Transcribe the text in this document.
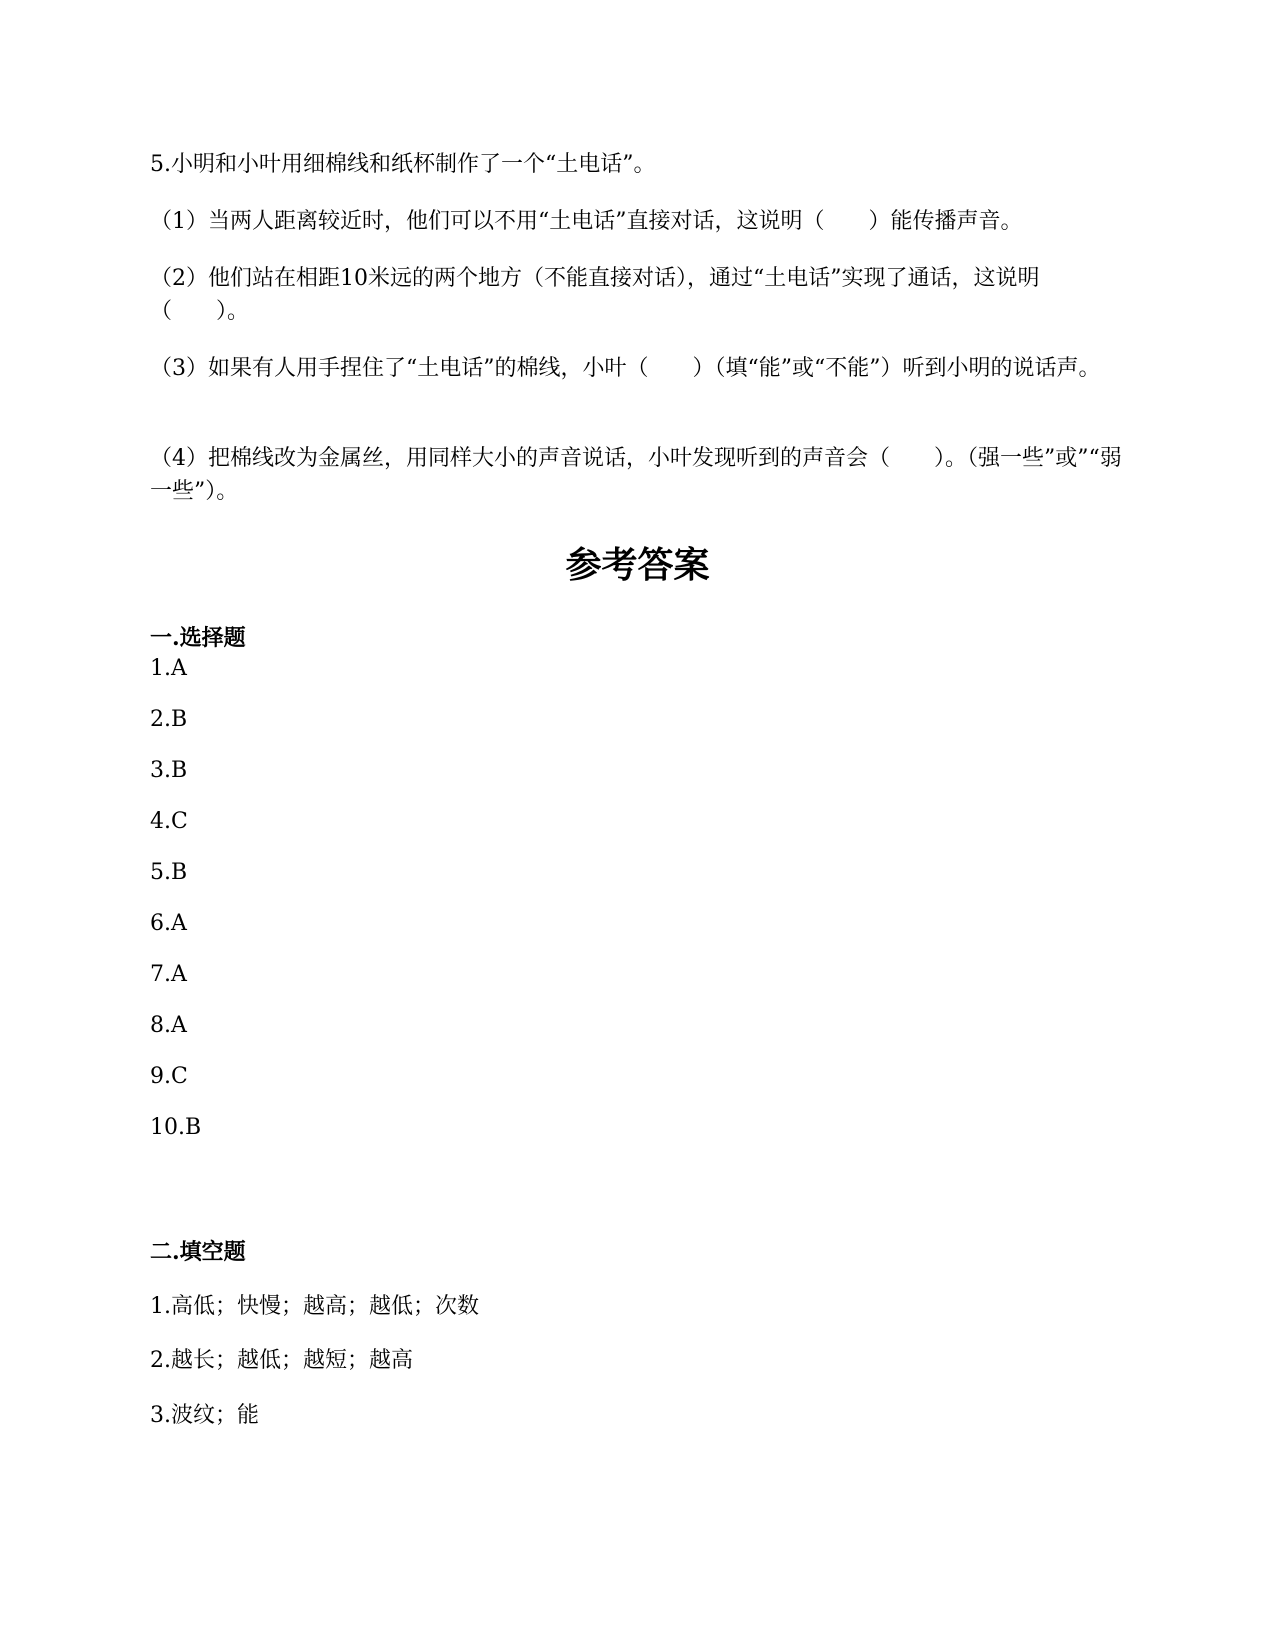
5.小明和小叶用细棉线和纸杯制作了一个“土电话”。
（1）当两人距离较近时，他们可以不用“土电话”直接对话，这说明（　　）能传播声音。
（2）他们站在相距10米远的两个地方（不能直接对话），通过“土电话”实现了通话，这说明（　　）。
（3）如果有人用手捏住了“土电话”的棉线，小叶（　　）（填“能”或“不能”）听到小明的说话声。
（4）把棉线改为金属丝，用同样大小的声音说话，小叶发现听到的声音会（　　）。（强一些”或”“弱一些”）。
参考答案
一.选择题
1.A
2.B
3.B
4.C
5.B
6.A
7.A
8.A
9.C
10.B
二.填空题
1.高低；快慢；越高；越低；次数
2.越长；越低；越短；越高
3.波纹；能
